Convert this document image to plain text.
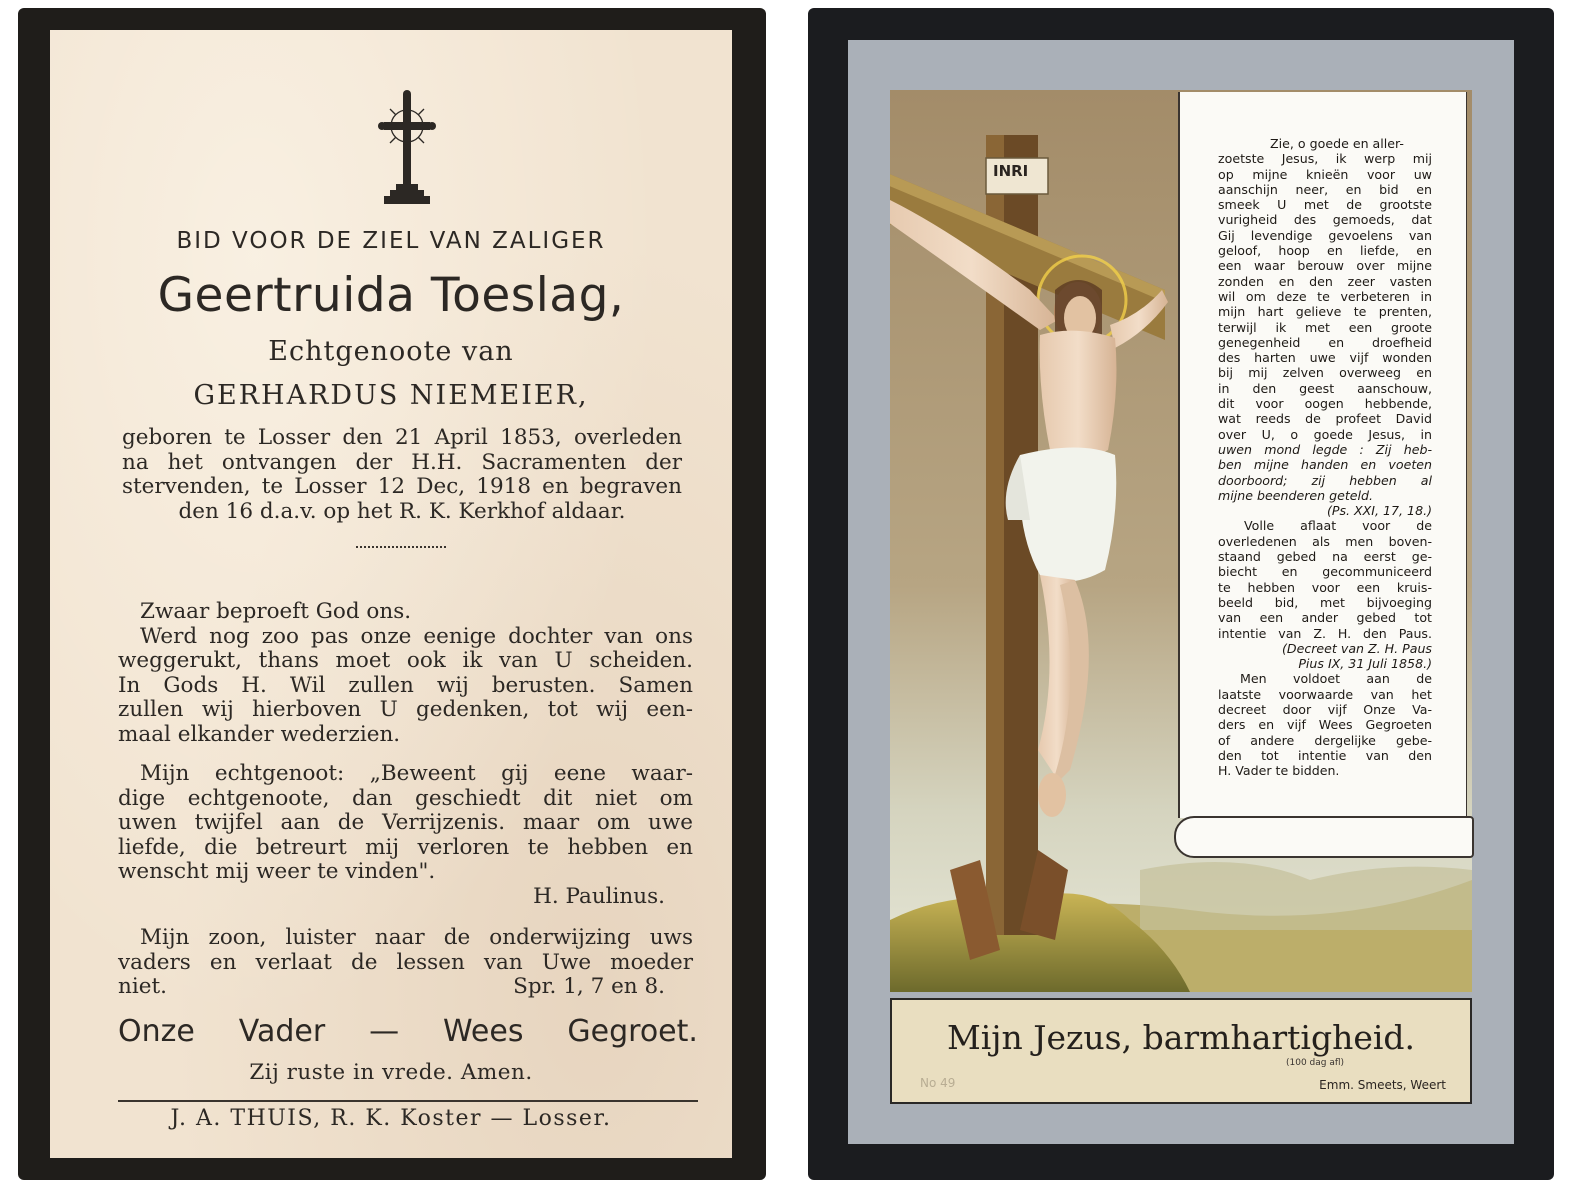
BID VOOR DE ZIEL VAN ZALIGER
Geertruida Toeslag,
Echtgenoote van
GERHARDUS NIEMEIER,
geboren te Losser den 21 April 1853, overleden
na het ontvangen der H.H. Sacramenten der
stervenden, te Losser 12 Dec, 1918 en begraven
den 16 d.a.v. op het R. K. Kerkhof aldaar.
Zwaar beproeft God ons.
Werd nog zoo pas onze eenige dochter van ons
weggerukt, thans moet ook ik van U scheiden.
In Gods H. Wil zullen wij berusten. Samen
zullen wij hierboven U gedenken, tot wij een-
maal elkander wederzien.
Mijn echtgenoot: „Beweent gij eene waar-
dige echtgenoote, dan geschiedt dit niet om
uwen twijfel aan de Verrijzenis. maar om uwe
liefde, die betreurt mij verloren te hebben en
wenscht mij weer te vinden".
H. Paulinus.
Mijn zoon, luister naar de onderwijzing uws
vaders en verlaat de lessen van Uwe moeder
niet.	Spr. 1, 7 en 8.
Onze Vader — Wees Gegroet.
Zij ruste in vrede. Amen.
J. A. THUIS, R. K. Koster — Losser.
INRI
Zie, o goede en aller-
zoetste Jesus, ik werp mij
op mijne knieën voor uw
aanschijn neer, en bid en
smeek U met de grootste
vurigheid des gemoeds, dat
Gij levendige gevoelens van
geloof, hoop en liefde, en
een waar berouw over mijne
zonden en den zeer vasten
wil om deze te verbeteren in
mijn hart gelieve te prenten,
terwijl ik met een groote
genegenheid en droefheid
des harten uwe vijf wonden
bij mij zelven overweeg en
in den geest aanschouw,
dit voor oogen hebbende,
wat reeds de profeet David
over U, o goede Jesus, in
uwen mond legde : Zij heb-
ben mijne handen en voeten
doorboord; zij hebben al
mijne beenderen geteld.
(Ps. XXI, 17, 18.)
Volle aflaat voor de
overledenen als men boven-
staand gebed na eerst ge-
biecht en gecommuniceerd
te hebben voor een kruis-
beeld bid, met bijvoeging
van een ander gebed tot
intentie van Z. H. den Paus.
(Decreet van Z. H. Paus
Pius IX, 31 Juli 1858.)
Men voldoet aan de
laatste voorwaarde van het
decreet door vijf Onze Va-
ders en vijf Wees Gegroeten
of andere dergelijke gebe-
den tot intentie van den
H. Vader te bidden.
Mijn Jezus, barmhartigheid.
(100 dag afl)
No 49	Emm. Smeets, Weert
